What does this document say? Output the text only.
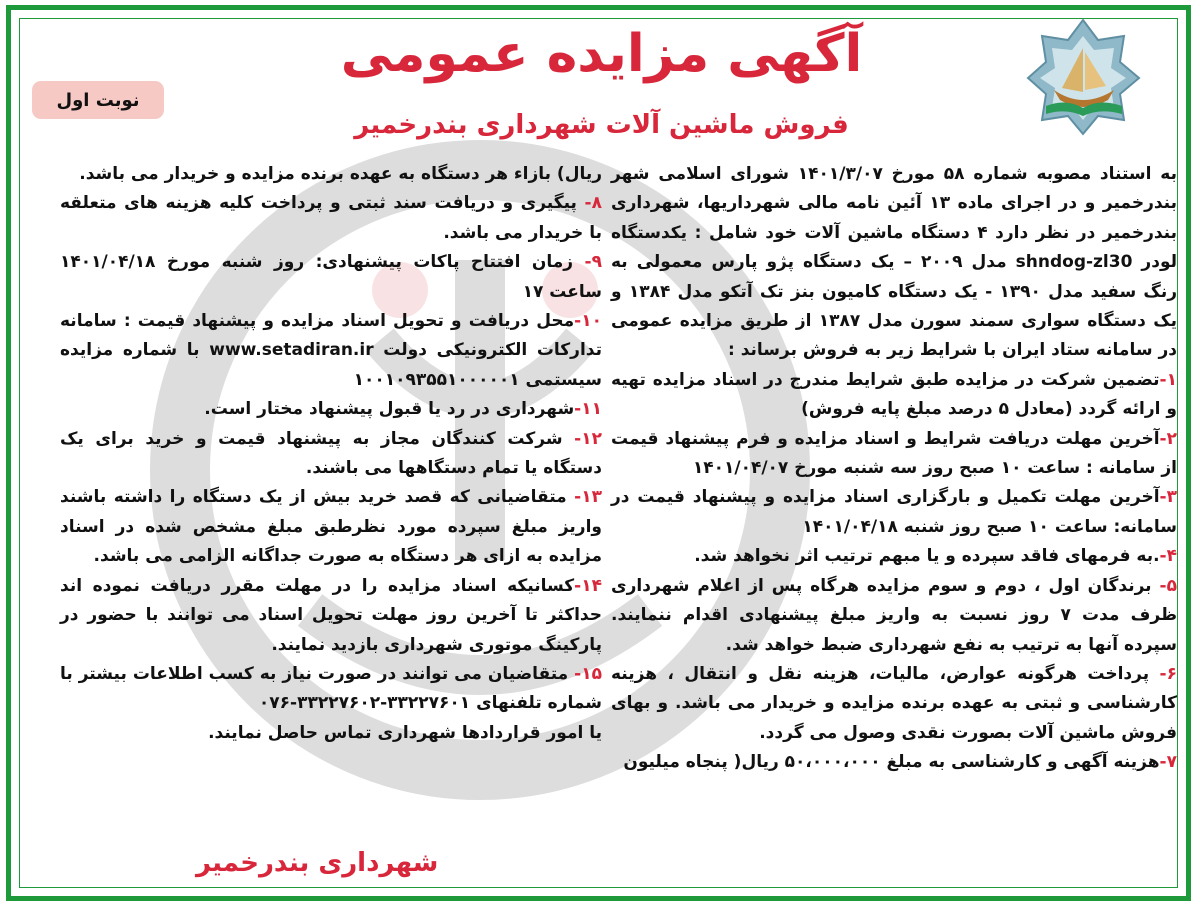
آگهی مزایده عمومی
فروش ماشین آلات شهرداری بندرخمیر
نوبت اول

به استناد مصوبه شماره ۵۸ مورخ ۱۴۰۱/۳/۰۷ شورای اسلامی شهر بندرخمیر و در اجرای ماده ۱۳ آئین نامه مالی شهرداریها، شهرداری بندرخمیر در نظر دارد ۴ دستگاه ماشین آلات خود شامل : یکدستگاه لودر shndog-zl30 مدل ۲۰۰۹ – یک دستگاه پژو پارس معمولی به رنگ سفید مدل ۱۳۹۰ - یک دستگاه کامیون بنز تک آتکو مدل ۱۳۸۴ و یک دستگاه سواری سمند سورن مدل ۱۳۸۷ از طریق مزایده عمومی در سامانه ستاد ایران با شرایط زیر به فروش برساند :

۱-تضمین شرکت در مزایده طبق شرایط مندرج در اسناد مزایده تهیه و ارائه گردد (معادل ۵ درصد مبلغ پایه فروش)

۲-آخرین مهلت دریافت شرایط و اسناد مزایده و فرم پیشنهاد قیمت از سامانه : ساعت ۱۰ صبح روز سه شنبه مورخ ۱۴۰۱/۰۴/۰۷

۳-آخرین مهلت تکمیل و بارگزاری اسناد مزایده و پیشنهاد قیمت در سامانه: ساعت ۱۰ صبح روز شنبه ۱۴۰۱/۰۴/۱۸

۴-.به فرمهای فاقد سپرده و یا مبهم ترتیب اثر نخواهد شد.

۵- برندگان اول ، دوم و سوم مزایده هرگاه پس از اعلام شهرداری ظرف مدت ۷ روز نسبت به واریز مبلغ پیشنهادی اقدام ننمایند. سپرده آنها به ترتیب به نفع شهرداری ضبط خواهد شد.

۶- پرداخت هرگونه عوارض، مالیات، هزینه نقل و انتقال ، هزینه کارشناسی و ثبتی به عهده برنده مزایده و خریدار می باشد. و بهای فروش ماشین آلات بصورت نقدی وصول می گردد.

۷-هزینه آگهی و کارشناسی به مبلغ ۵۰،۰۰۰،۰۰۰ ریال( پنجاه میلیون

ریال) بازاء هر دستگاه به عهده برنده مزایده و خریدار می باشد.

۸- پیگیری و دریافت سند ثبتی و پرداخت کلیه هزینه های متعلقه با خریدار می باشد.

۹- زمان افتتاح پاکات پیشنهادی: روز شنبه مورخ ۱۴۰۱/۰۴/۱۸ ساعت ۱۷

۱۰-محل دریافت و تحویل اسناد مزایده و پیشنهاد قیمت : سامانه تدارکات الکترونیکی دولت www.setadiran.ir با شماره مزایده سیستمی ۱۰۰۱۰۹۳۵۵۱۰۰۰۰۰۱

۱۱-شهرداری در رد یا قبول پیشنهاد مختار است.

۱۲- شرکت کنندگان مجاز به پیشنهاد قیمت و خرید برای یک دستگاه یا تمام دستگاهها می باشند.

۱۳- متقاضیانی که قصد خرید بیش از یک دستگاه را داشته باشند واریز مبلغ سپرده مورد نظرطبق مبلغ مشخص شده در اسناد مزایده به ازای هر دستگاه به صورت جداگانه الزامی می باشد.

۱۴-کسانیکه اسناد مزایده را در مهلت مقرر دریافت نموده اند حداکثر تا آخرین روز مهلت تحویل اسناد می توانند با حضور در پارکینگ موتوری شهرداری بازدید نمایند.

۱۵- متقاضیان می توانند در صورت نیاز به کسب اطلاعات بیشتر با شماره تلفنهای ۳۳۲۲۷۶۰۱-۳۳۲۲۷۶۰۲-۰۷۶

یا امور قراردادها شهرداری تماس حاصل نمایند.

شهرداری بندرخمیر
